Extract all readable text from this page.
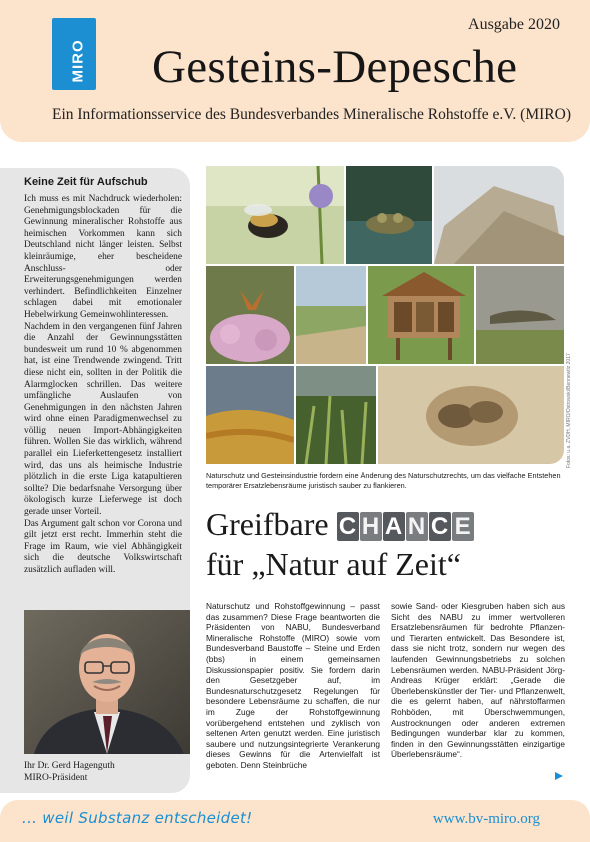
MIRO
Ausgabe 2020
Gesteins-Depesche
Ein Informationsservice des Bundesverbandes Mineralische Rohstoffe e.V. (MIRO)
Keine Zeit für Aufschub

Ich muss es mit Nachdruck wiederholen: Genehmigungsblockaden für die Gewinnung mineralischer Rohstoffe aus heimischen Vorkommen kann sich Deutschland nicht länger leisten. Selbst kleinräumige, eher bescheidene Anschluss- oder Erweiterungsgenehmigungen werden verhindert. Befindlichkeiten Einzelner schlagen dabei mit emotionaler Hebelwirkung Gemeinwohlinteressen.

Nachdem in den vergangenen fünf Jahren die Anzahl der Gewinnungsstätten bundesweit um rund 10 % abgenommen hat, ist eine Trendwende zwingend. Tritt diese nicht ein, sollten in der Politik die Alarmglocken schrillen. Das weitere umfängliche Auslaufen von Genehmigungen in den nächsten Jahren wird ohne einen Paradigmenwechsel zu völlig neuen Import-Abhängigkeiten führen. Wollen Sie das wirklich, während parallel ein Lieferkettengesetz installiert wird, das uns als heimische Industrie plötzlich in die erste Liga katapultieren sollte? Die bedarfsnahe Versorgung über ökologisch kurze Lieferwege ist doch gerade unser Vorteil.

Das Argument galt schon vor Corona und gilt jetzt erst recht. Immerhin steht die Frage im Raum, wie viel Abhängigkeit sich die deutsche Volkswirtschaft zusätzlich aufladen will.

Ihr Dr. Gerd Hagenguth
MIRO-Präsident
Fotos: u.a. ZVDH, MIRO/Ostrowski/Bennewitz 2017
Naturschutz und Gesteinsindustrie fordern eine Änderung des Naturschutzrechts, um das vielfache Entstehen temporärer Ersatzlebensräume juristisch sauber zu flankieren.
Greifbare C H A N C E
für „Natur auf Zeit“
Naturschutz und Rohstoffgewinnung – passt das zusammen? Diese Frage beantworten die Präsidenten von NABU, Bundesverband Mineralische Rohstoffe (MIRO) sowie vom Bundesverband Baustoffe – Steine und Erden (bbs) in einem gemeinsamen Diskussionspapier positiv. Sie fordern darin den Gesetzgeber auf, im Bundesnaturschutzgesetz Regelungen für besondere Lebensräume zu schaffen, die nur im Zuge der Rohstoffgewinnung vorübergehend entstehen und zyklisch von seltenen Arten genutzt werden. Eine juristisch saubere und nutzungsintegrierte Verankerung dieses Gewinns für die Artenvielfalt ist geboten. Denn Steinbrüche
sowie Sand- oder Kiesgruben haben sich aus Sicht des NABU zu immer wertvolleren Ersatzlebensräumen für bedrohte Pflanzen- und Tierarten entwickelt. Das Besondere ist, dass sie nicht trotz, sondern nur wegen des laufenden Gewinnungsbetriebs zu solchen Lebensräumen werden. NABU-Präsident Jörg-Andreas Krüger erklärt: „Gerade die Überlebenskünstler der Tier- und Pflanzenwelt, die es gelernt haben, auf nährstoffarmen Rohböden, mit Überschwemmungen, Austrocknungen oder anderen extremen Bedingungen wunderbar klar zu kommen, finden in den Gewinnungsstätten einzigartige Überlebensräume“.
... weil Substanz entscheidet!	www.bv-miro.org
